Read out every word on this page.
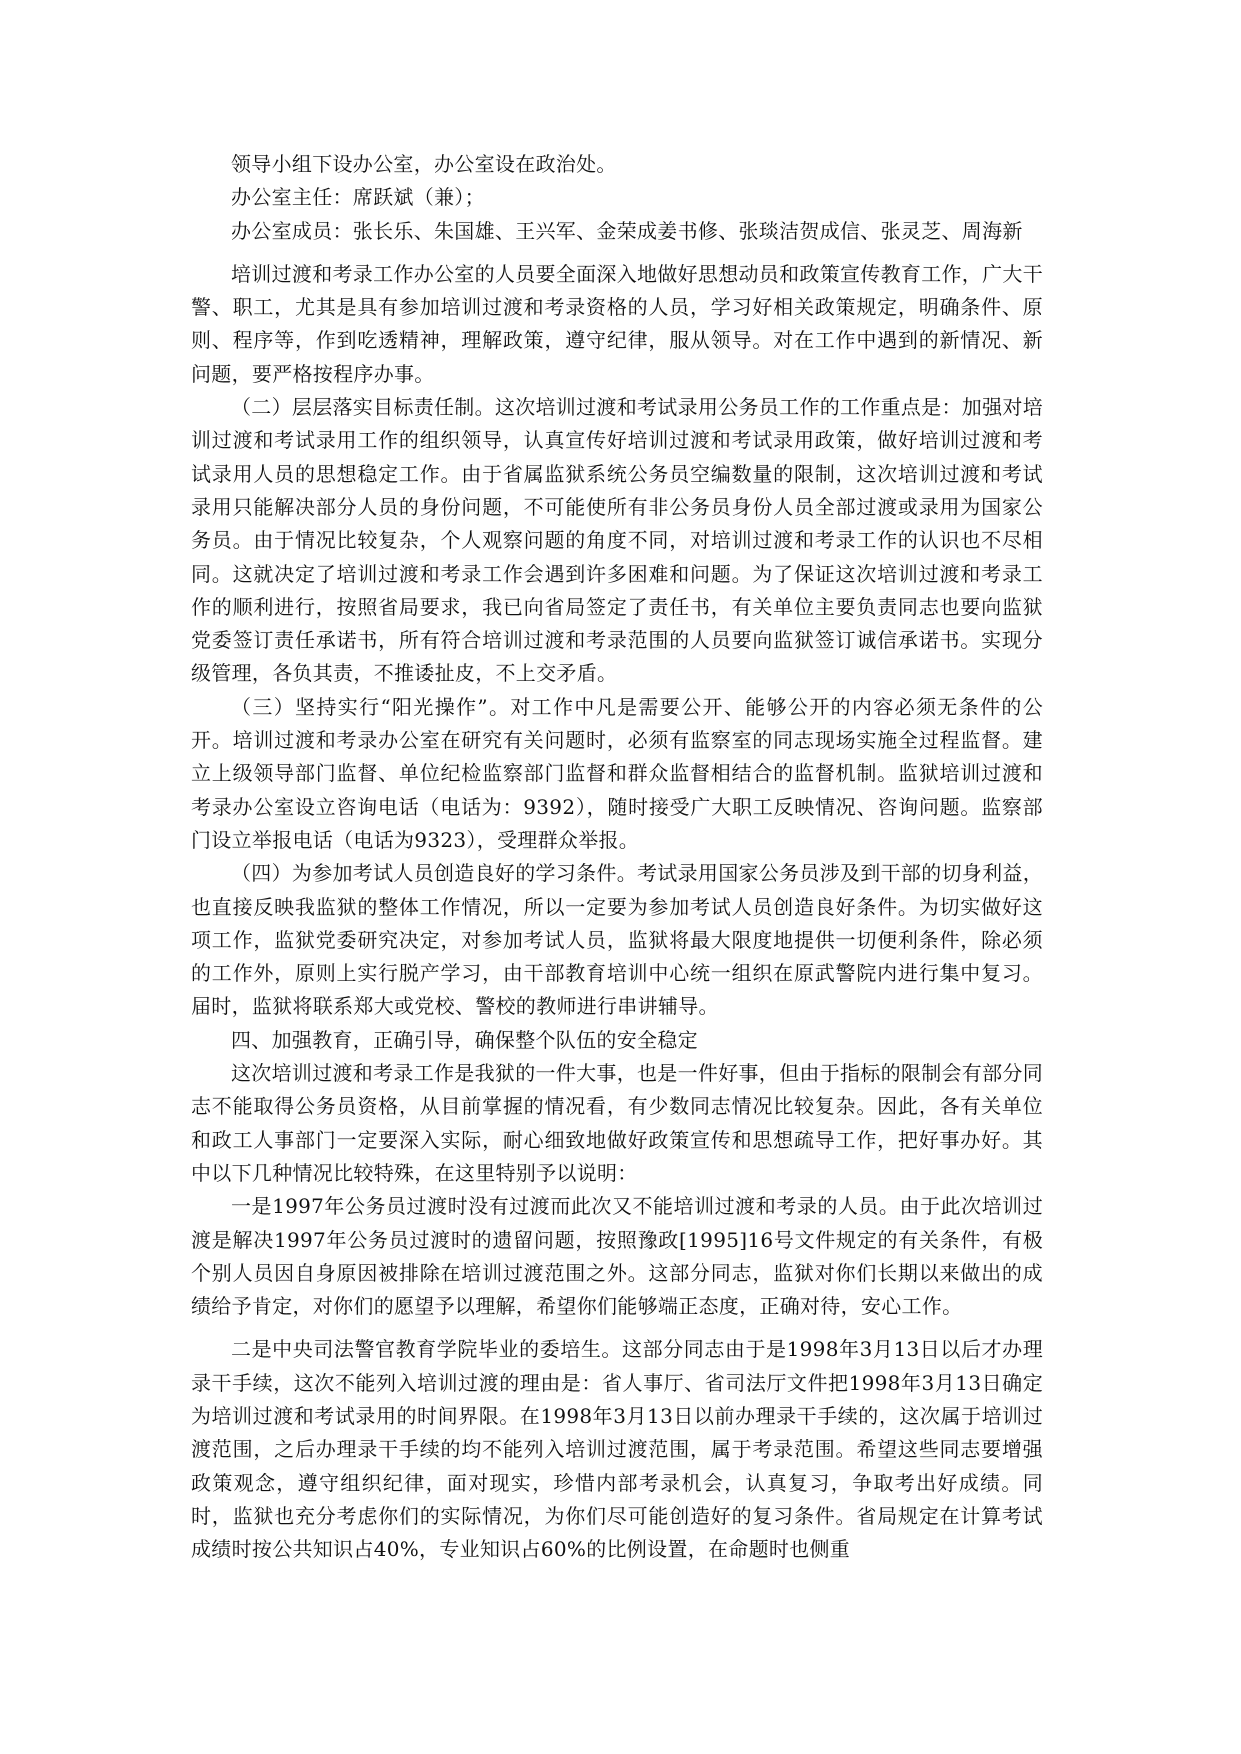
领导小组下设办公室，办公室设在政治处。

办公室主任：席跃斌（兼）；

办公室成员：张长乐、朱国雄、王兴军、金荣成姜书修、张琰洁贺成信、张灵芝、周海新

培训过渡和考录工作办公室的人员要全面深入地做好思想动员和政策宣传教育工作，广大干警、职工，尤其是具有参加培训过渡和考录资格的人员，学习好相关政策规定，明确条件、原则、程序等，作到吃透精神，理解政策，遵守纪律，服从领导。对在工作中遇到的新情况、新问题，要严格按程序办事。

（二）层层落实目标责任制。这次培训过渡和考试录用公务员工作的工作重点是：加强对培训过渡和考试录用工作的组织领导，认真宣传好培训过渡和考试录用政策，做好培训过渡和考试录用人员的思想稳定工作。由于省属监狱系统公务员空编数量的限制，这次培训过渡和考试录用只能解决部分人员的身份问题，不可能使所有非公务员身份人员全部过渡或录用为国家公务员。由于情况比较复杂，个人观察问题的角度不同，对培训过渡和考录工作的认识也不尽相同。这就决定了培训过渡和考录工作会遇到许多困难和问题。为了保证这次培训过渡和考录工作的顺利进行，按照省局要求，我已向省局签定了责任书，有关单位主要负责同志也要向监狱党委签订责任承诺书，所有符合培训过渡和考录范围的人员要向监狱签订诚信承诺书。实现分级管理，各负其责，不推诿扯皮，不上交矛盾。

（三）坚持实行“阳光操作”。对工作中凡是需要公开、能够公开的内容必须无条件的公开。培训过渡和考录办公室在研究有关问题时，必须有监察室的同志现场实施全过程监督。建立上级领导部门监督、单位纪检监察部门监督和群众监督相结合的监督机制。监狱培训过渡和考录办公室设立咨询电话（电话为：9392），随时接受广大职工反映情况、咨询问题。监察部门设立举报电话（电话为9323），受理群众举报。

（四）为参加考试人员创造良好的学习条件。考试录用国家公务员涉及到干部的切身利益，也直接反映我监狱的整体工作情况，所以一定要为参加考试人员创造良好条件。为切实做好这项工作，监狱党委研究决定，对参加考试人员，监狱将最大限度地提供一切便利条件，除必须的工作外，原则上实行脱产学习，由干部教育培训中心统一组织在原武警院内进行集中复习。届时，监狱将联系郑大或党校、警校的教师进行串讲辅导。

四、加强教育，正确引导，确保整个队伍的安全稳定

这次培训过渡和考录工作是我狱的一件大事，也是一件好事，但由于指标的限制会有部分同志不能取得公务员资格，从目前掌握的情况看，有少数同志情况比较复杂。因此，各有关单位和政工人事部门一定要深入实际，耐心细致地做好政策宣传和思想疏导工作，把好事办好。其中以下几种情况比较特殊，在这里特别予以说明：

一是1997年公务员过渡时没有过渡而此次又不能培训过渡和考录的人员。由于此次培训过渡是解决1997年公务员过渡时的遗留问题，按照豫政[1995]16号文件规定的有关条件，有极个别人员因自身原因被排除在培训过渡范围之外。这部分同志，监狱对你们长期以来做出的成绩给予肯定，对你们的愿望予以理解，希望你们能够端正态度，正确对待，安心工作。

二是中央司法警官教育学院毕业的委培生。这部分同志由于是1998年3月13日以后才办理录干手续，这次不能列入培训过渡的理由是：省人事厅、省司法厅文件把1998年3月13日确定为培训过渡和考试录用的时间界限。在1998年3月13日以前办理录干手续的，这次属于培训过渡范围，之后办理录干手续的均不能列入培训过渡范围，属于考录范围。希望这些同志要增强政策观念，遵守组织纪律，面对现实，珍惜内部考录机会，认真复习，争取考出好成绩。同时，监狱也充分考虑你们的实际情况，为你们尽可能创造好的复习条件。省局规定在计算考试成绩时按公共知识占40%，专业知识占60%的比例设置，在命题时也侧重
